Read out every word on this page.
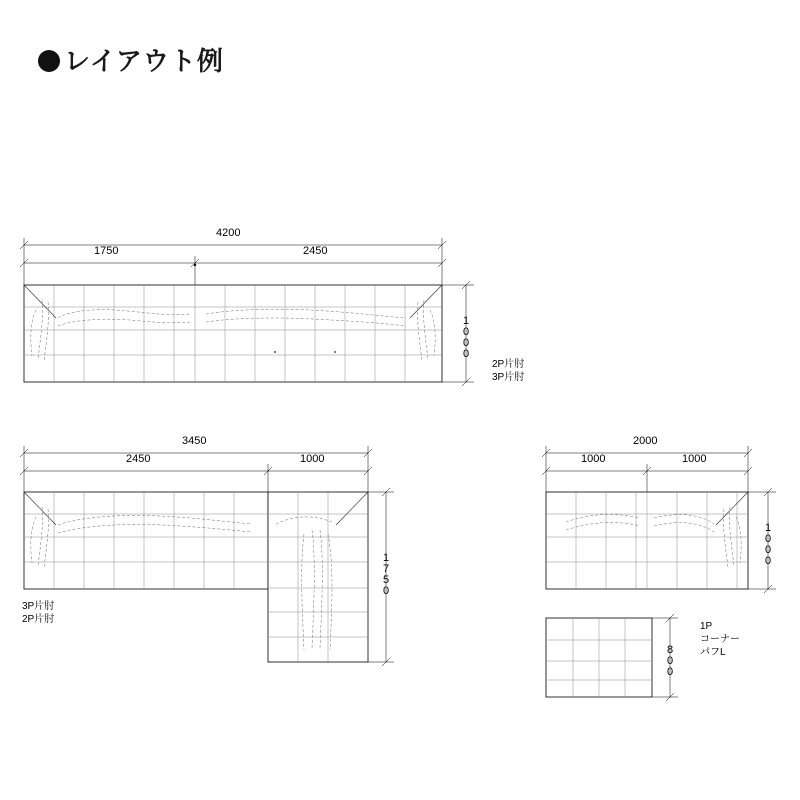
レイアウト例
4200
1750	2450
1000
2P片肘
3P片肘
3450
2450	1000
1750
3P片肘
2P片肘
2000
1000	1000
1000
800
1P
コーナー
パフL
